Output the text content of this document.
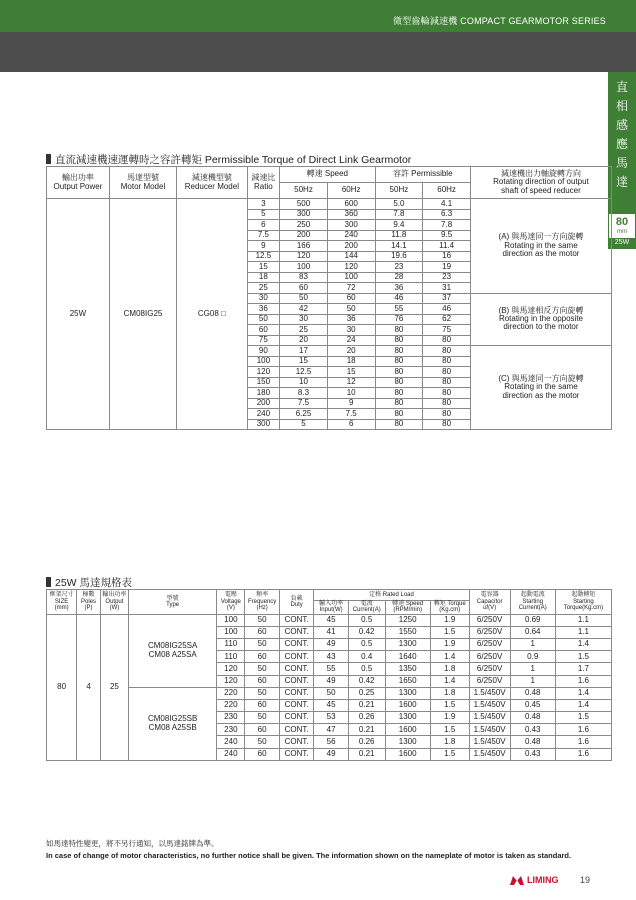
微型齒輪減速機 COMPACT GEARMOTOR SERIES
直
相
感
應
馬
達
80
mm
25W
直流減速機速運轉時之容許轉矩 Permissible Torque of Direct Link Gearmotor
輸出功率
Output Power	馬達型號
Motor Model	減速機型號
Reducer Model	減速比
Ratio	轉速 Speed		容許 Permissible		減速機出力軸旋轉方向
Rotating direction of output
shaft of speed reducer
				50Hz	60Hz	50Hz	60Hz	
25W	CM08IG25	CG08 □	3	500	600	5.0	4.1	(A) 與馬達同一方向旋轉
Rotating in the same
direction as the motor
			5	300	360	7.8	6.3	
			6	250	300	9.4	7.8	
			7.5	200	240	11.8	9.5	
			9	166	200	14.1	11.4	
			12.5	120	144	19.6	16	
			15	100	120	23	19	
			18	83	100	28	23	
			25	60	72	36	31	
			30	50	60	46	37	(B) 與馬達相反方向旋轉
Rotating in the opposite
direction to the motor
			36	42	50	55	46	
			50	30	36	76	62	
			60	25	30	80	75	
			75	20	24	80	80	
			90	17	20	80	80	(C) 與馬達同一方向旋轉
Rotating in the same
direction as the motor
			100	15	18	80	80	
			120	12.5	15	80	80	
			150	10	12	80	80	
			180	8.3	10	80	80	
			200	7.5	9	80	80	
			240	6.25	7.5	80	80	
			300	5	6	80	80	
25W 馬達規格表
框架尺寸
SIZE
(mm)	極數
Poles
(P)	輸出功率
Output
(W)	型號
Type	電壓
Voltage
(V)	頻率
Frequency
(Hz)	負載
Duty	定格 Rated Load				電容器
Capacitor
uf(V)	起動電流
Starting
Current(A)	起動轉矩
Starting
Torque(Kg.cm)
							輸入功率
Input(W)	電流
Current(A)	轉速 Speed
(RPM/min)	轉矩 Torque
(Kg.cm)			
80	4	25	CM08IG25SA
CM08 A25SA	100	50	CONT.	45	0.5	1250	1.9	6/250V	0.69	1.1
				100	60	CONT.	41	0.42	1550	1.5	6/250V	0.64	1.1
				110	50	CONT.	49	0.5	1300	1.9	6/250V	1	1.4
				110	60	CONT.	43	0.4	1640	1.4	6/250V	0.9	1.5
				120	50	CONT.	55	0.5	1350	1.8	6/250V	1	1.7
				120	60	CONT.	49	0.42	1650	1.4	6/250V	1	1.6
			CM08IG25SB
CM08 A25SB	220	50	CONT.	50	0.25	1300	1.8	1.5/450V	0.48	1.4
				220	60	CONT.	45	0.21	1600	1.5	1.5/450V	0.45	1.4
				230	50	CONT.	53	0.26	1300	1.9	1.5/450V	0.48	1.5
				230	60	CONT.	47	0.21	1600	1.5	1.5/450V	0.43	1.6
				240	50	CONT.	56	0.26	1300	1.8	1.5/450V	0.48	1.6
				240	60	CONT.	49	0.21	1600	1.5	1.5/450V	0.43	1.6
如馬達特性變更，將不另行通知，以馬達銘牌為準。
In case of change of motor characteristics, no further notice shall be given. The information shown on the nameplate of motor is taken as standard.
LIMING 19
